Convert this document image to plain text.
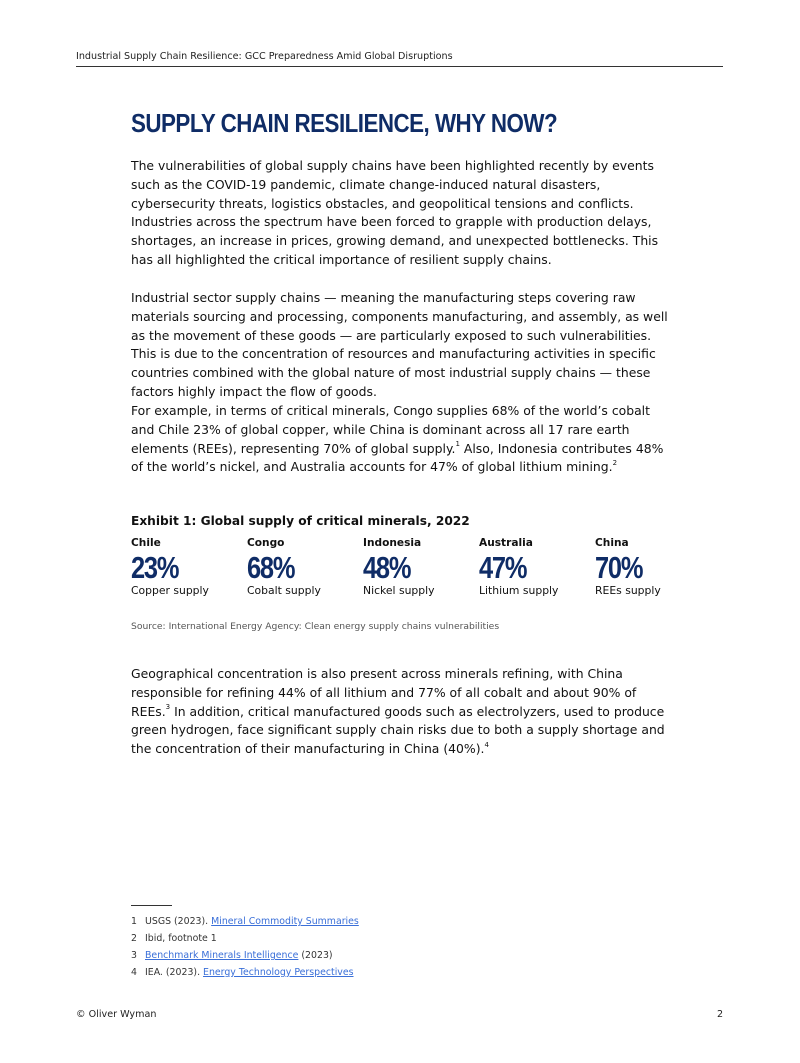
Industrial Supply Chain Resilience: GCC Preparedness Amid Global Disruptions
SUPPLY CHAIN RESILIENCE, WHY NOW?

The vulnerabilities of global supply chains have been highlighted recently by events such as the COVID-19 pandemic, climate change-induced natural disasters, cybersecurity threats, logistics obstacles, and geopolitical tensions and conflicts. Industries across the spectrum have been forced to grapple with production delays, shortages, an increase in prices, growing demand, and unexpected bottlenecks. This has all highlighted the critical importance of resilient supply chains.

Industrial sector supply chains — meaning the manufacturing steps covering raw materials sourcing and processing, components manufacturing, and assembly, as well as the movement of these goods — are particularly exposed to such vulnerabilities. This is due to the concentration of resources and manufacturing activities in specific countries combined with the global nature of most industrial supply chains — these factors highly impact the flow of goods.

For example, in terms of critical minerals, Congo supplies 68% of the world’s cobalt and Chile 23% of global copper, while China is dominant across all 17 rare earth elements (REEs), representing 70% of global supply.$^1$ Also, Indonesia contributes 48% of the world’s nickel, and Australia accounts for 47% of global lithium mining.$^2$

Exhibit 1: Global supply of critical minerals, 2022
Chile
23%
Copper supply
Congo
68%
Cobalt supply
Indonesia
48%
Nickel supply
Australia
47%
Lithium supply
China
70%
REEs supply
Source: International Energy Agency: Clean energy supply chains vulnerabilities

Geographical concentration is also present across minerals refining, with China responsible for refining 44% of all lithium and 77% of all cobalt and about 90% of REEs.$^3$ In addition, critical manufactured goods such as electrolyzers, used to produce green hydrogen, face significant supply chain risks due to both a supply shortage and the concentration of their manufacturing in China (40%).$^4$

1 USGS (2023). Mineral Commodity Summaries
2 Ibid, footnote 1
3 Benchmark Minerals Intelligence (2023)
4 IEA. (2023). Energy Technology Perspectives
© Oliver Wyman	2
